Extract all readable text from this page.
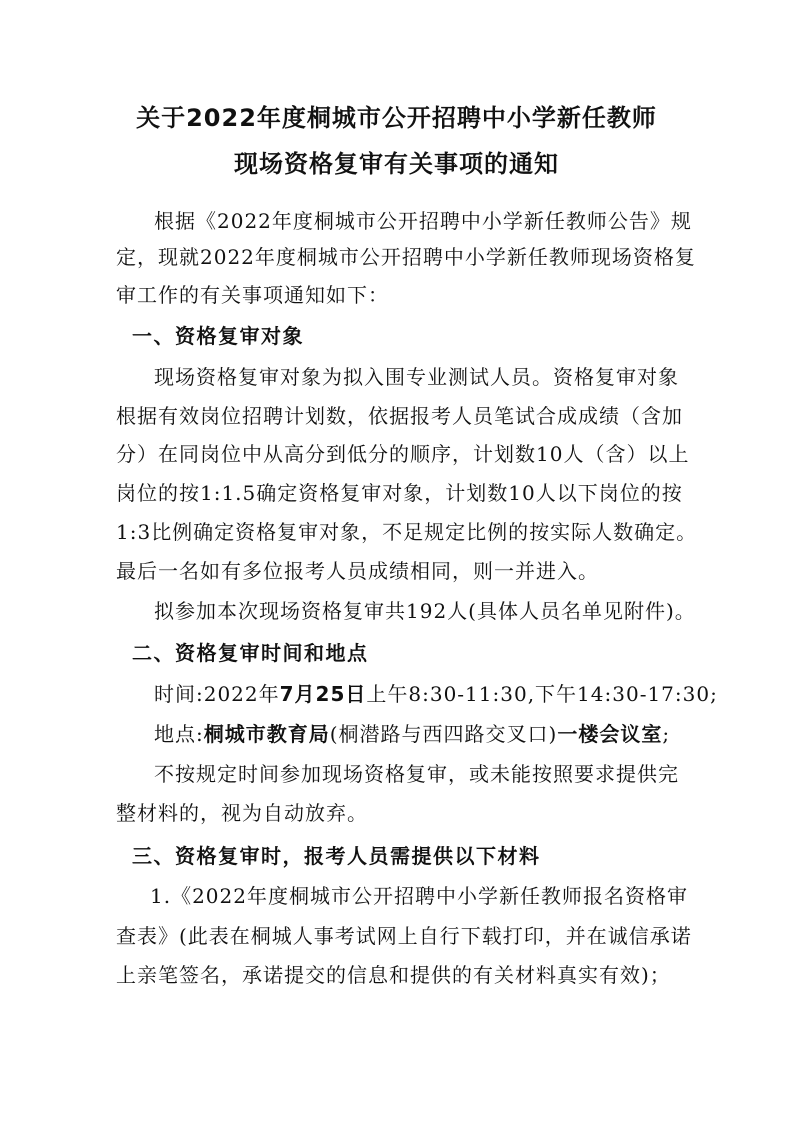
关于2022年度桐城市公开招聘中小学新任教师
现场资格复审有关事项的通知
根据《2022年度桐城市公开招聘中小学新任教师公告》规
定，现就2022年度桐城市公开招聘中小学新任教师现场资格复
审工作的有关事项通知如下：
一、资格复审对象
现场资格复审对象为拟入围专业测试人员。资格复审对象
根据有效岗位招聘计划数，依据报考人员笔试合成成绩（含加
分）在同岗位中从高分到低分的顺序，计划数10人（含）以上
岗位的按1:1.5确定资格复审对象，计划数10人以下岗位的按
1:3比例确定资格复审对象，不足规定比例的按实际人数确定。
最后一名如有多位报考人员成绩相同，则一并进入。
拟参加本次现场资格复审共192人(具体人员名单见附件)。
二、资格复审时间和地点
时间:2022年7月25日上午8:30-11:30,下午14:30-17:30;
地点:桐城市教育局(桐潜路与西四路交叉口)一楼会议室;
不按规定时间参加现场资格复审，或未能按照要求提供完
整材料的，视为自动放弃。
三、资格复审时，报考人员需提供以下材料
1.《2022年度桐城市公开招聘中小学新任教师报名资格审
查表》(此表在桐城人事考试网上自行下载打印，并在诚信承诺
上亲笔签名，承诺提交的信息和提供的有关材料真实有效)；
